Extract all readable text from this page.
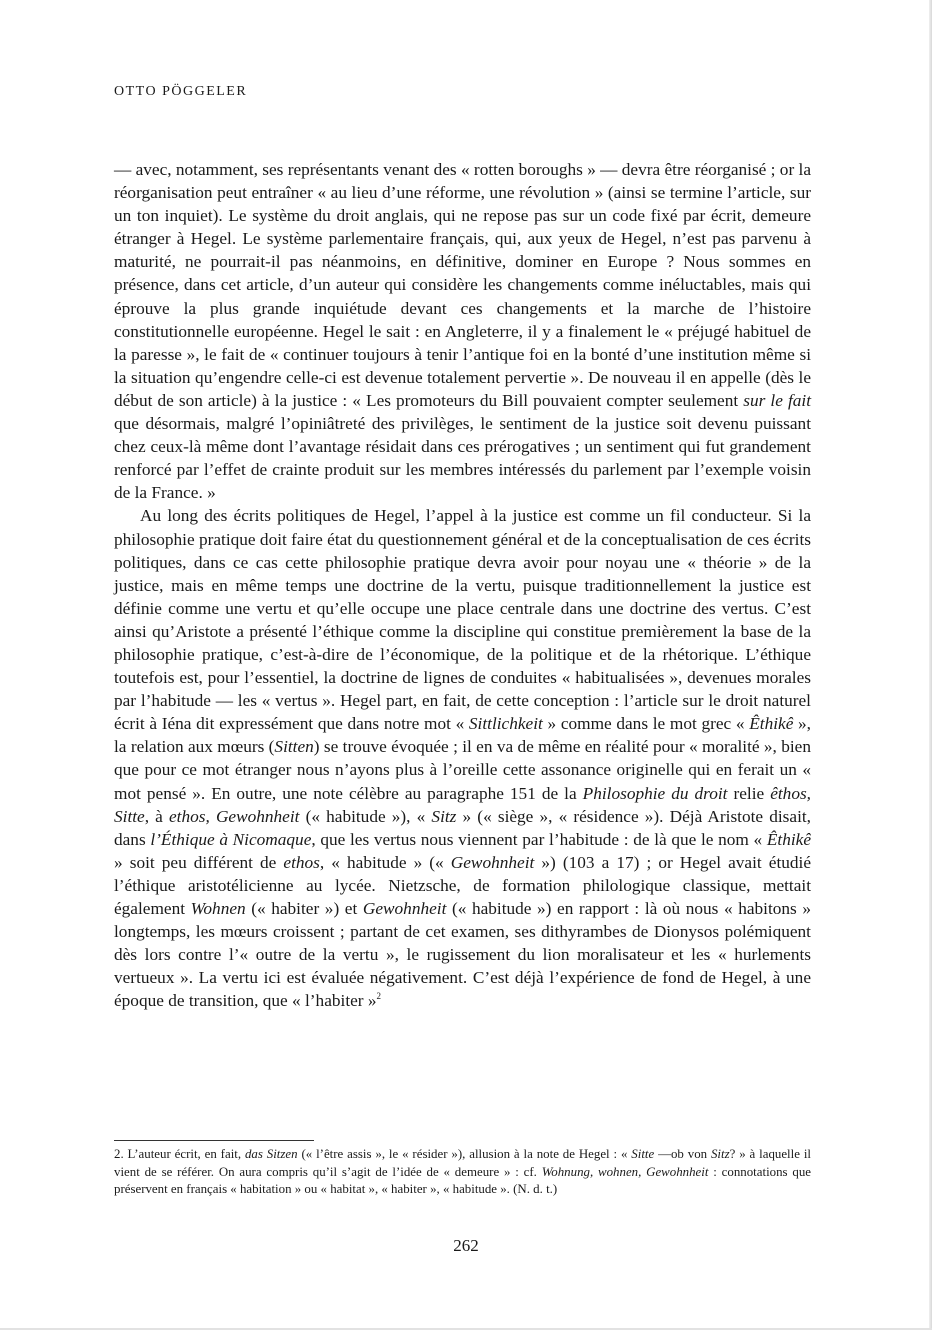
OTTO PÖGGELER

— avec, notamment, ses représentants venant des « rotten boroughs » — devra être réorganisé ; or la réorganisation peut entraîner « au lieu d’une réforme, une révolution » (ainsi se termine l’article, sur un ton inquiet). Le système du droit anglais, qui ne repose pas sur un code fixé par écrit, demeure étranger à Hegel. Le système parlementaire français, qui, aux yeux de Hegel, n’est pas parvenu à maturité, ne pourrait-il pas néanmoins, en définitive, dominer en Europe ? Nous sommes en présence, dans cet article, d’un auteur qui considère les changements comme inéluctables, mais qui éprouve la plus grande inquiétude devant ces changements et la marche de l’histoire constitutionnelle européenne. Hegel le sait : en Angleterre, il y a finalement le « préjugé habituel de la paresse », le fait de « continuer toujours à tenir l’antique foi en la bonté d’une institution même si la situation qu’engendre celle-ci est devenue totalement pervertie ». De nouveau il en appelle (dès le début de son article) à la justice : « Les promoteurs du Bill pouvaient compter seulement sur le fait que désormais, malgré l’opiniâtreté des privilèges, le sentiment de la justice soit devenu puissant chez ceux-là même dont l’avantage résidait dans ces prérogatives ; un sentiment qui fut grandement renforcé par l’effet de crainte produit sur les membres intéressés du parlement par l’exemple voisin de la France. »

Au long des écrits politiques de Hegel, l’appel à la justice est comme un fil conducteur. Si la philosophie pratique doit faire état du questionnement général et de la conceptualisation de ces écrits politiques, dans ce cas cette philosophie pratique devra avoir pour noyau une « théorie » de la justice, mais en même temps une doctrine de la vertu, puisque traditionnellement la justice est définie comme une vertu et qu’elle occupe une place centrale dans une doctrine des vertus. C’est ainsi qu’Aristote a présenté l’éthique comme la discipline qui constitue premièrement la base de la philosophie pratique, c’est-à-dire de l’économique, de la politique et de la rhétorique. L’éthique toutefois est, pour l’essentiel, la doctrine de lignes de conduites « habitualisées », devenues morales par l’habitude — les « vertus ». Hegel part, en fait, de cette conception : l’article sur le droit naturel écrit à Iéna dit expressément que dans notre mot « Sittlichkeit » comme dans le mot grec « Êthikê », la relation aux mœurs (Sitten) se trouve évoquée ; il en va de même en réalité pour « moralité », bien que pour ce mot étranger nous n’ayons plus à l’oreille cette assonance originelle qui en ferait un « mot pensé ». En outre, une note célèbre au paragraphe 151 de la Philosophie du droit relie êthos, Sitte, à ethos, Gewohnheit (« habitude »), « Sitz » (« siège », « résidence »). Déjà Aristote disait, dans l’Éthique à Nicomaque, que les vertus nous viennent par l’habitude : de là que le nom « Êthikê » soit peu différent de ethos, « habitude » (« Gewohnheit ») (103 a 17) ; or Hegel avait étudié l’éthique aristotélicienne au lycée. Nietzsche, de formation philologique classique, mettait également Wohnen (« habiter ») et Gewohnheit (« habitude ») en rapport : là où nous « habitons » longtemps, les mœurs croissent ; partant de cet examen, ses dithyrambes de Dionysos polémiquent dès lors contre l’« outre de la vertu », le rugissement du lion moralisateur et les « hurlements vertueux ». La vertu ici est évaluée négativement. C’est déjà l’expérience de fond de Hegel, à une époque de transition, que « l’habiter »$^2$

2. L’auteur écrit, en fait, das Sitzen (« l’être assis », le « résider »), allusion à la note de Hegel : « Sitte —ob von Sitz? » à laquelle il vient de se référer. On aura compris qu’il s’agit de l’idée de « demeure » : cf. Wohnung, wohnen, Gewohnheit : connotations que préservent en français « habitation » ou « habitat », « habiter », « habitude ». (N. d. t.)
262
